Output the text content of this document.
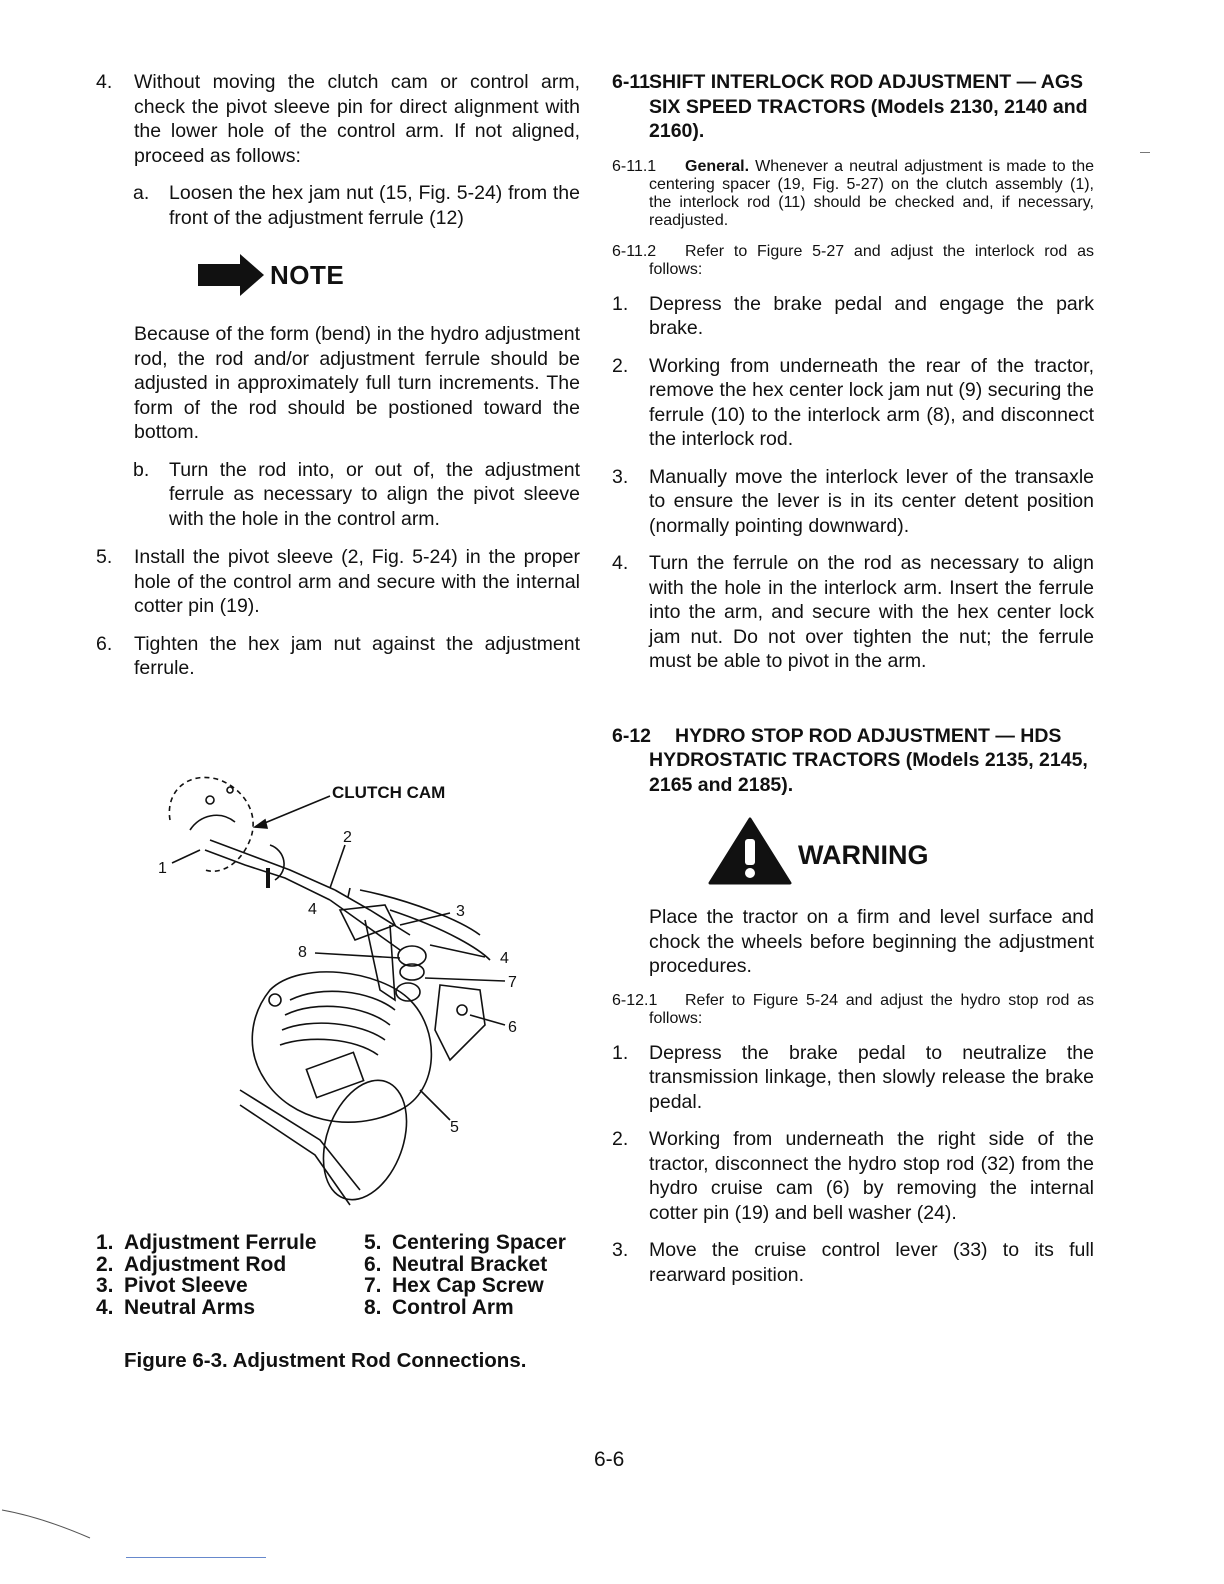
4. Without moving the clutch cam or control arm, check the pivot sleeve pin for direct alignment with the lower hole of the control arm. If not aligned, proceed as follows:
a. Loosen the hex jam nut (15, Fig. 5-24) from the front of the adjustment ferrule (12)
NOTE

Because of the form (bend) in the hydro adjustment rod, the rod and/or adjustment ferrule should be adjusted in approximately full turn increments. The form of the rod should be postioned toward the bottom.

b. Turn the rod into, or out of, the adjustment ferrule as necessary to align the pivot sleeve with the hole in the control arm.
5. Install the pivot sleeve (2, Fig. 5-24) in the proper hole of the control arm and secure with the internal cotter pin (19).
6. Tighten the hex jam nut against the adjustment ferrule.
CLUTCH CAM
1
2
3
4
4
5
6
7
8
1. Adjustment Ferrule	5. Centering Spacer
2. Adjustment Rod	6. Neutral Bracket
3. Pivot Sleeve	7. Hex Cap Screw
4. Neutral Arms	8. Control Arm
Figure 6-3. Adjustment Rod Connections.
6-11 SHIFT INTERLOCK ROD ADJUSTMENT — AGS SIX SPEED TRACTORS (Models 2130, 2140 and 2160).
6-11.1 General. Whenever a neutral adjustment is made to the centering spacer (19, Fig. 5-27) on the clutch assembly (1), the interlock rod (11) should be checked and, if necessary, readjusted.
6-11.2 Refer to Figure 5-27 and adjust the interlock rod as follows:
1. Depress the brake pedal and engage the park brake.
2. Working from underneath the rear of the tractor, remove the hex center lock jam nut (9) securing the ferrule (10) to the interlock arm (8), and disconnect the interlock rod.
3. Manually move the interlock lever of the transaxle to ensure the lever is in its center detent position (normally pointing downward).
4. Turn the ferrule on the rod as necessary to align with the hole in the interlock arm. Insert the ferrule into the arm, and secure with the hex center lock jam nut. Do not over tighten the nut; the ferrule must be able to pivot in the arm.
6-12 HYDRO STOP ROD ADJUSTMENT — HDS HYDROSTATIC TRACTORS (Models 2135, 2145, 2165 and 2185).
WARNING

Place the tractor on a firm and level surface and chock the wheels before beginning the adjustment procedures.

6-12.1 Refer to Figure 5-24 and adjust the hydro stop rod as follows:
1. Depress the brake pedal to neutralize the transmission linkage, then slowly release the brake pedal.
2. Working from underneath the right side of the tractor, disconnect the hydro stop rod (32) from the hydro cruise cam (6) by removing the internal cotter pin (19) and bell washer (24).
3. Move the cruise control lever (33) to its full rearward position.
6-6
